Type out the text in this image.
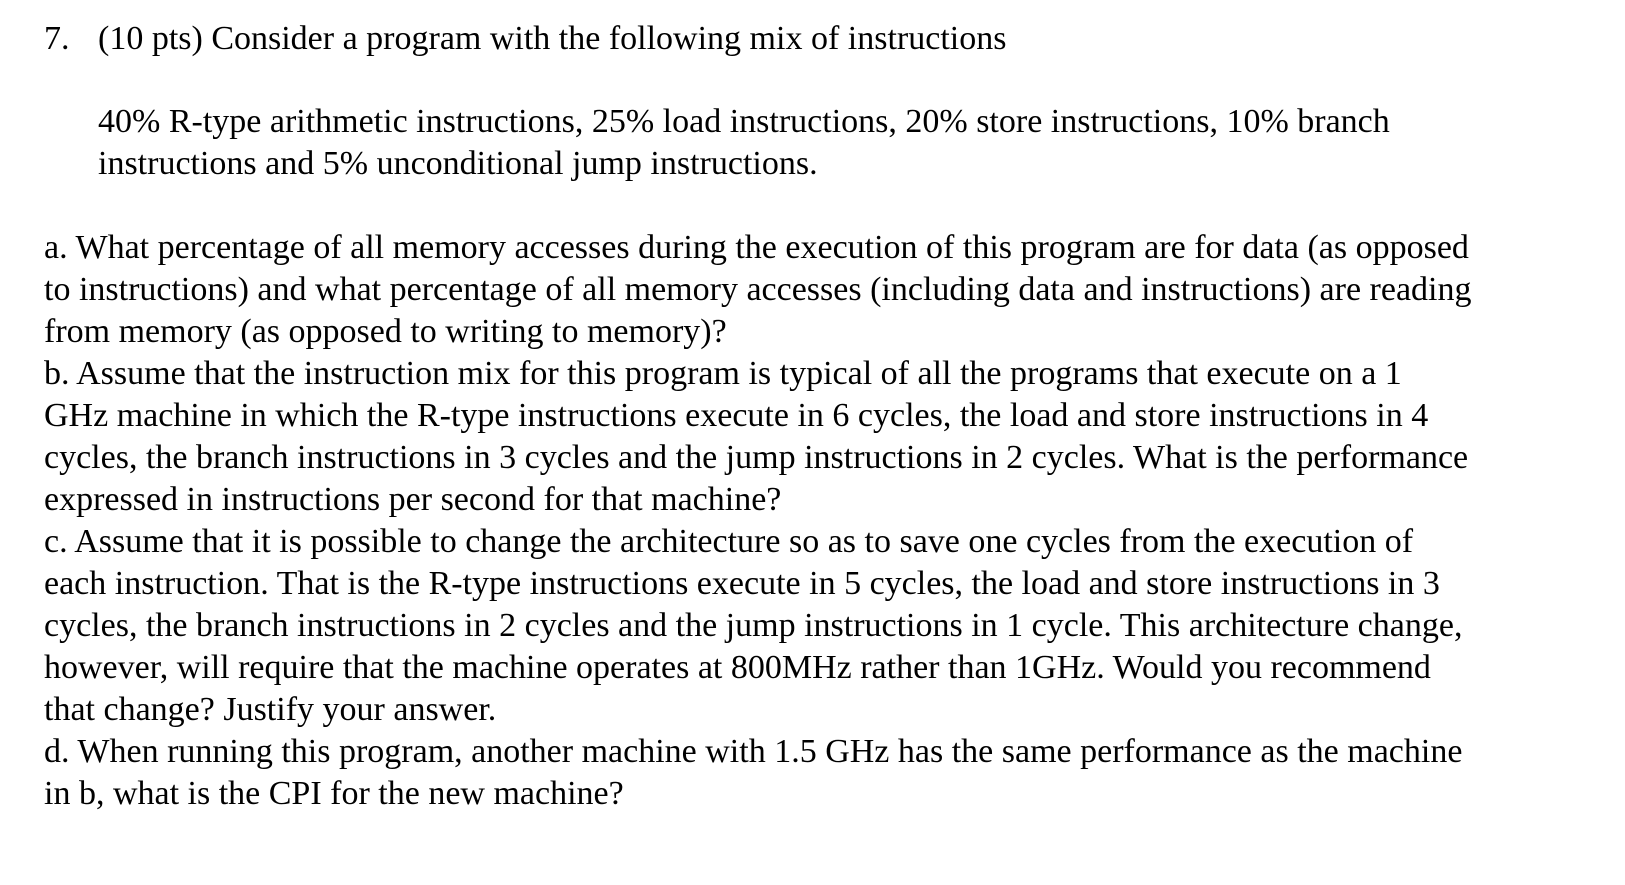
7. (10 pts) Consider a program with the following mix of instructions
40% R-type arithmetic instructions, 25% load instructions, 20% store instructions, 10% branch
instructions and 5% unconditional jump instructions.
a. What percentage of all memory accesses during the execution of this program are for data (as opposed
to instructions) and what percentage of all memory accesses (including data and instructions) are reading
from memory (as opposed to writing to memory)?
b. Assume that the instruction mix for this program is typical of all the programs that execute on a 1
GHz machine in which the R-type instructions execute in 6 cycles, the load and store instructions in 4
cycles, the branch instructions in 3 cycles and the jump instructions in 2 cycles. What is the performance
expressed in instructions per second for that machine?
c. Assume that it is possible to change the architecture so as to save one cycles from the execution of
each instruction. That is the R-type instructions execute in 5 cycles, the load and store instructions in 3
cycles, the branch instructions in 2 cycles and the jump instructions in 1 cycle. This architecture change,
however, will require that the machine operates at 800MHz rather than 1GHz. Would you recommend
that change? Justify your answer.
d. When running this program, another machine with 1.5 GHz has the same performance as the machine
in b, what is the CPI for the new machine?
